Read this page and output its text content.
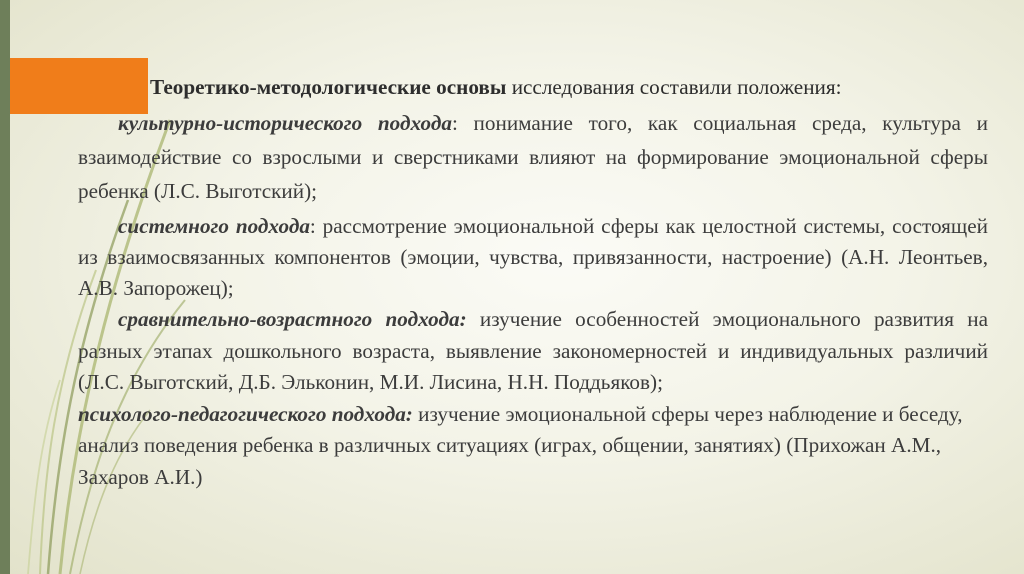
Теоретико-методологические основы исследования составили положения:

культурно-исторического подхода: понимание того, как социальная среда, культура и взаимодействие со взрослыми и сверстниками влияют на формирование эмоциональной сферы ребенка (Л.С. Выготский);

системного подхода: рассмотрение эмоциональной сферы как целостной системы, состоящей из взаимосвязанных компонентов (эмоции, чувства, привязанности, настроение) (А.Н. Леонтьев, А.В. Запорожец);

сравнительно-возрастного подхода: изучение особенностей эмоционального развития на разных этапах дошкольного возраста, выявление закономерностей и индивидуальных различий (Л.С. Выготский, Д.Б. Эльконин, М.И. Лисина, Н.Н. Поддьяков);

психолого-педагогического подхода: изучение эмоциональной сферы через наблюдение и беседу, анализ поведения ребенка в различных ситуациях (играх, общении, занятиях) (Прихожан А.М., Захаров А.И.)
